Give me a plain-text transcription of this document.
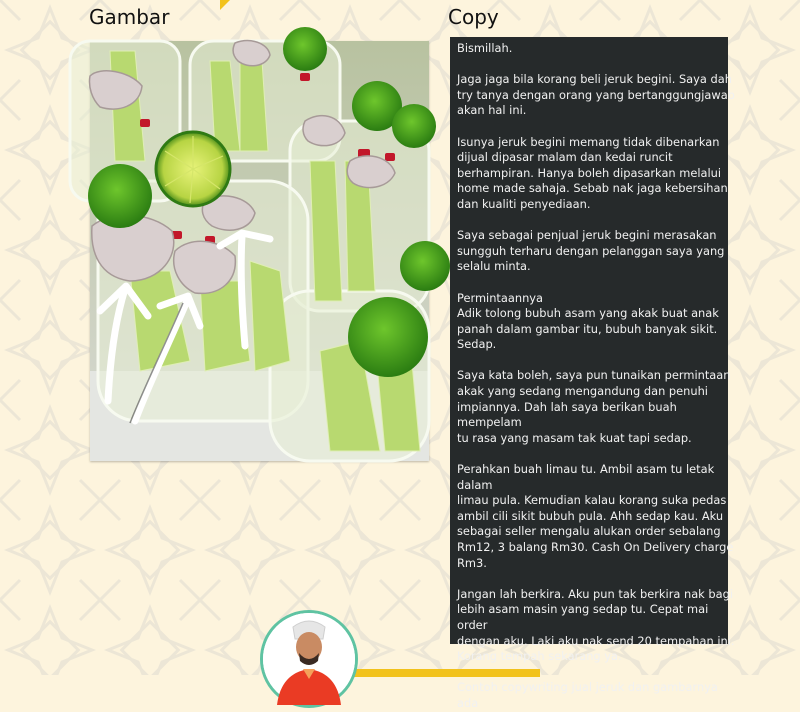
Gambar	Copy

Bismillah.

Jaga jaga bila korang beli jeruk begini. Saya dah
try tanya dengan orang yang bertanggungjawab
akan hal ini.

Isunya jeruk begini memang tidak dibenarkan
dijual dipasar malam dan kedai runcit
berhampiran. Hanya boleh dipasarkan melalui
home made sahaja. Sebab nak jaga kebersihan
dan kualiti penyediaan.

Saya sebagai penjual jeruk begini merasakan
sungguh terharu dengan pelanggan saya yang
selalu minta.

Permintaannya
Adik tolong bubuh asam yang akak buat anak
panah dalam gambar itu, bubuh banyak sikit.
Sedap.

Saya kata boleh, saya pun tunaikan permintaan
akak yang sedang mengandung dan penuhi
impiannya. Dah lah saya berikan buah mempelam
tu rasa yang masam tak kuat tapi sedap.

Perahkan buah limau tu. Ambil asam tu letak dalam
limau pula. Kemudian kalau korang suka pedas
ambil cili sikit bubuh pula. Ahh sedap kau. Aku
sebagai seller mengalu alukan order sebalang
Rm12, 3 balang Rm30. Cash On Delivery charge
Rm3.

Jangan lah berkira. Aku pun tak berkira nak bagi
lebih asam masin yang sedap tu. Cepat mai order
dengan aku. Laki aku nak send 20 tempahan ini.
Korang tempah sekarang ya.

Contoh copywriting jual jeruk dan gambarnya ada
